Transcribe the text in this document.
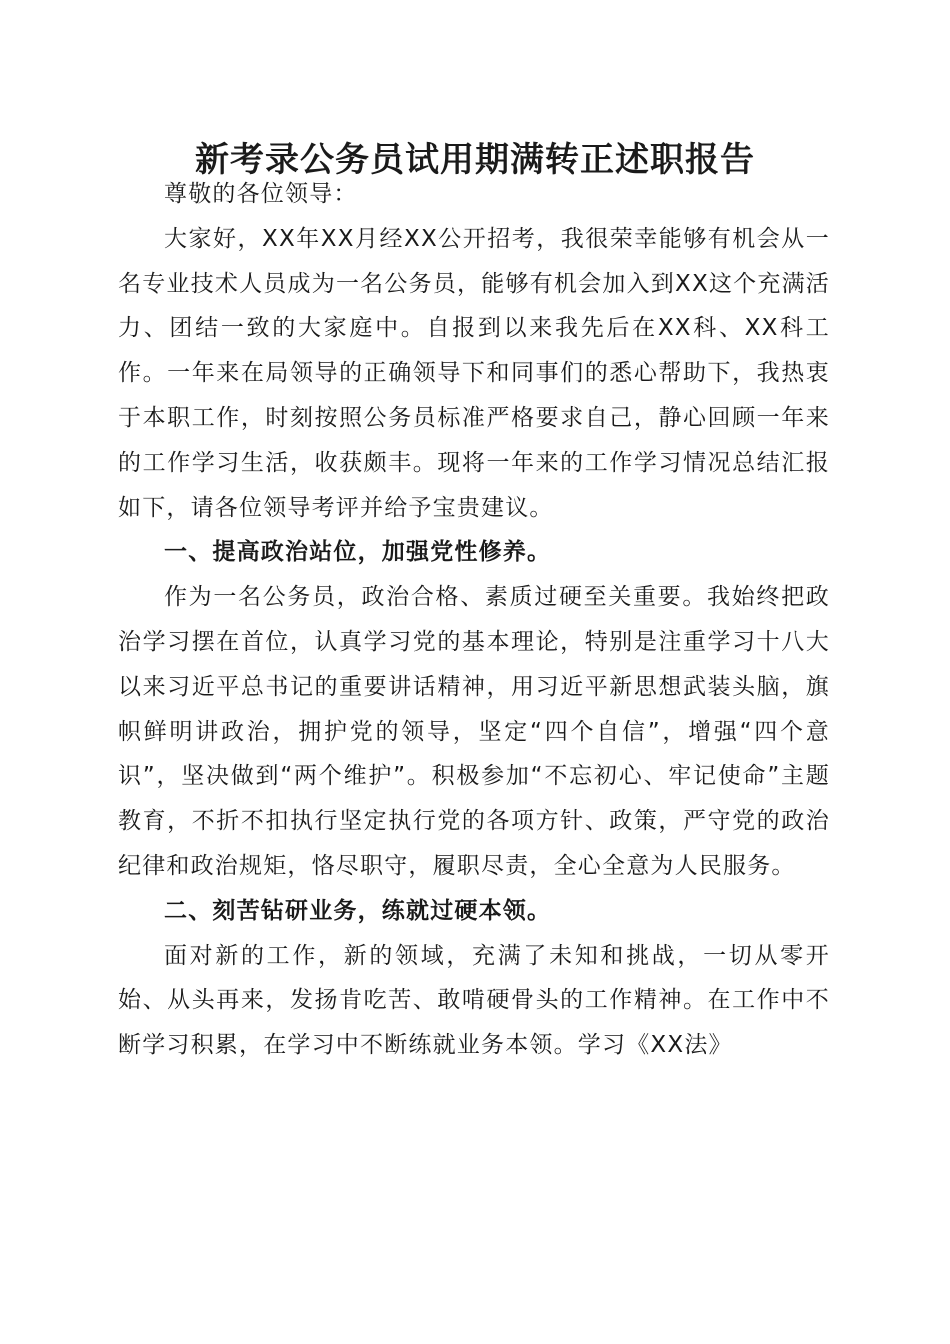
新考录公务员试用期满转正述职报告

尊敬的各位领导：

大家好，XX年XX月经XX公开招考，我很荣幸能够有机会从一名专业技术人员成为一名公务员，能够有机会加入到XX这个充满活力、团结一致的大家庭中。自报到以来我先后在XX科、XX科工作。一年来在局领导的正确领导下和同事们的悉心帮助下，我热衷于本职工作，时刻按照公务员标准严格要求自己，静心回顾一年来的工作学习生活，收获颇丰。现将一年来的工作学习情况总结汇报如下，请各位领导考评并给予宝贵建议。

一、提高政治站位，加强党性修养。

作为一名公务员，政治合格、素质过硬至关重要。我始终把政治学习摆在首位，认真学习党的基本理论，特别是注重学习十八大以来习近平总书记的重要讲话精神，用习近平新思想武装头脑，旗帜鲜明讲政治，拥护党的领导，坚定“四个自信”，增强“四个意识”，坚决做到“两个维护”。积极参加“不忘初心、牢记使命”主题教育，不折不扣执行坚定执行党的各项方针、政策，严守党的政治纪律和政治规矩，恪尽职守，履职尽责，全心全意为人民服务。

二、刻苦钻研业务，练就过硬本领。

面对新的工作，新的领域，充满了未知和挑战，一切从零开始、从头再来，发扬肯吃苦、敢啃硬骨头的工作精神。在工作中不断学习积累，在学习中不断练就业务本领。学习《XX法》
